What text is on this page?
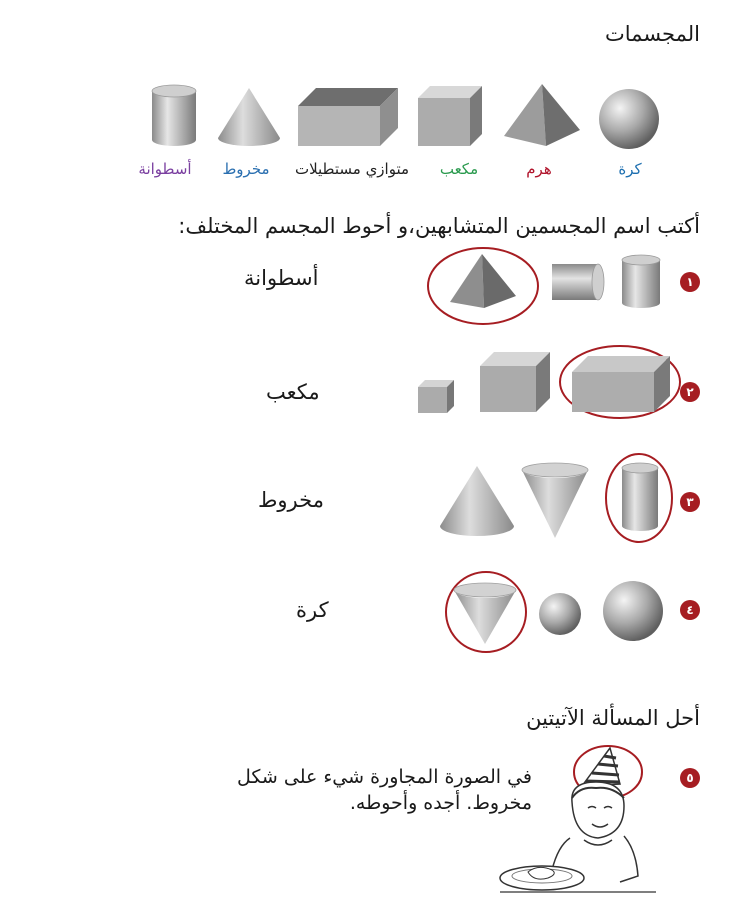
المجسمات
كرة
هرم
مكعب
متوازي مستطيلات
مخروط
أسطوانة
أكتب اسم المجسمين المتشابهين،و أحوط المجسم المختلف:
١
أسطوانة
٢
مكعب
٣
مخروط
٤
كرة
أحل المسألة الآتيتين
٥
في الصورة المجاورة شيء على شكل
مخروط. أجده وأحوطه.
